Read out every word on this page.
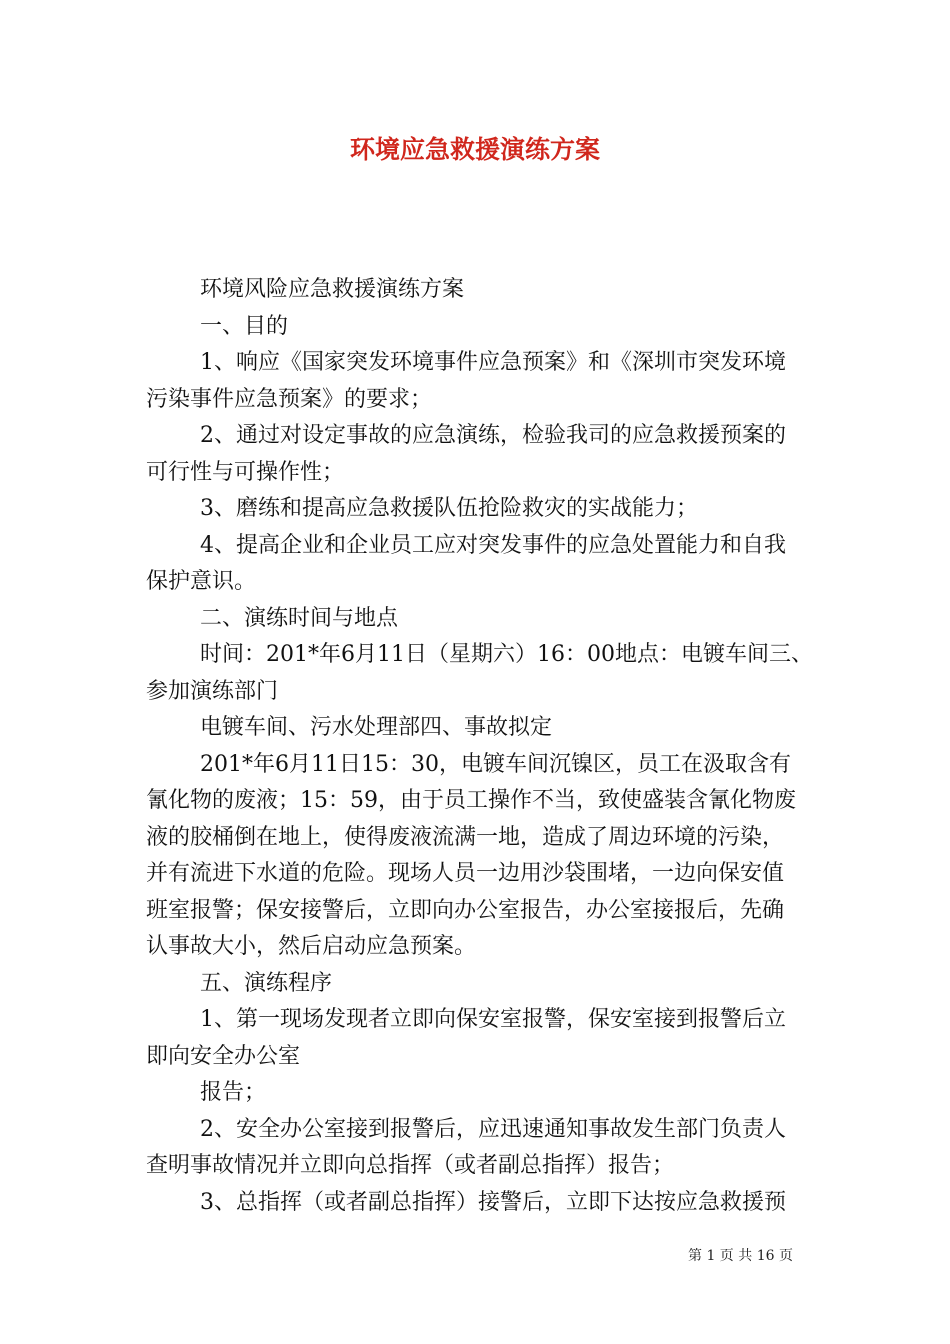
环境应急救援演练方案

环境风险应急救援演练方案

一、目的

1、响应《国家突发环境事件应急预案》和《深圳市突发环境

污染事件应急预案》的要求；

2、通过对设定事故的应急演练，检验我司的应急救援预案的

可行性与可操作性；

3、磨练和提高应急救援队伍抢险救灾的实战能力；

4、提高企业和企业员工应对突发事件的应急处置能力和自我

保护意识。

二、演练时间与地点

时间：201*年6月11日（星期六）16：00地点：电镀车间三、

参加演练部门

电镀车间、污水处理部四、事故拟定

201*年6月11日15：30，电镀车间沉镍区，员工在汲取含有

氰化物的废液；15：59，由于员工操作不当，致使盛装含氰化物废

液的胶桶倒在地上，使得废液流满一地，造成了周边环境的污染，

并有流进下水道的危险。现场人员一边用沙袋围堵，一边向保安值

班室报警；保安接警后，立即向办公室报告，办公室接报后，先确

认事故大小，然后启动应急预案。

五、演练程序

1、第一现场发现者立即向保安室报警，保安室接到报警后立

即向安全办公室

报告；

2、安全办公室接到报警后，应迅速通知事故发生部门负责人

查明事故情况并立即向总指挥（或者副总指挥）报告；

3、总指挥（或者副总指挥）接警后，立即下达按应急救援预

第 1 页 共 16 页
